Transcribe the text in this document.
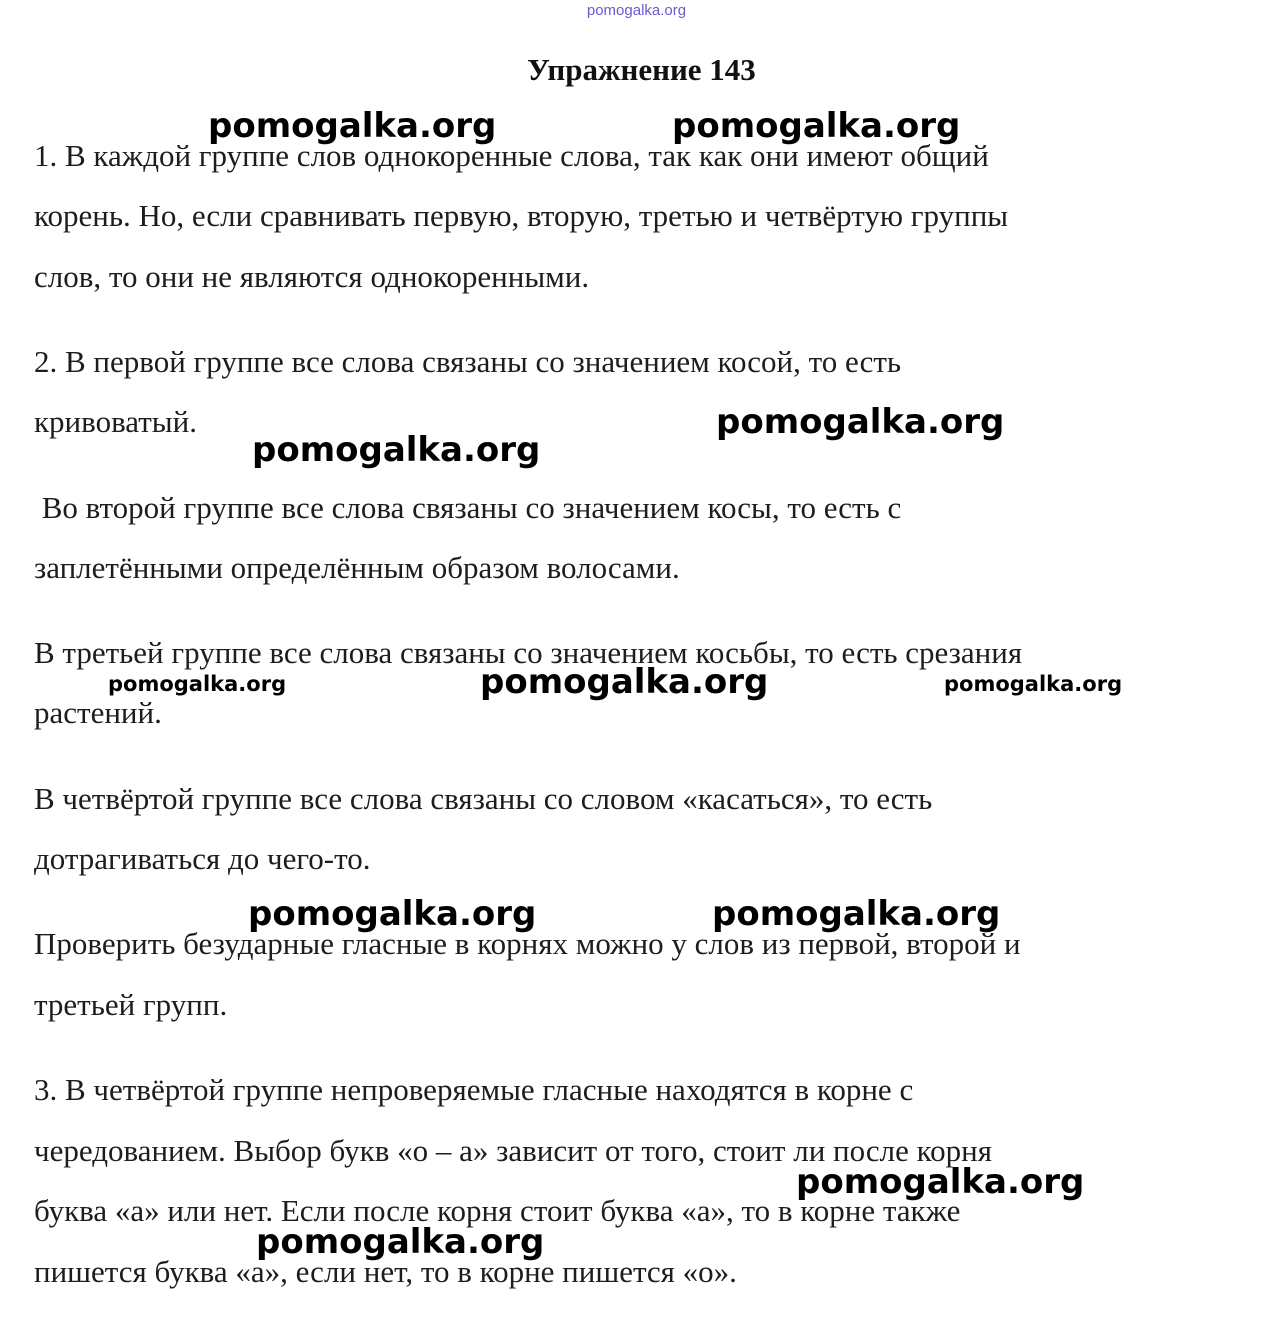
pomogalka.org
Упражнение 143
1. В каждой группе слов однокоренные слова, так как они имеют общий
корень. Но, если сравнивать первую, вторую, третью и четвёртую группы
слов, то они не являются однокоренными.
2. В первой группе все слова связаны со значением косой, то есть
кривоватый.
Во второй группе все слова связаны со значением косы, то есть с
заплетёнными определённым образом волосами.
В третьей группе все слова связаны со значением косьбы, то есть срезания
растений.
В четвёртой группе все слова связаны со словом «касаться», то есть
дотрагиваться до чего-то.
Проверить безударные гласные в корнях можно у слов из первой, второй и
третьей групп.
3. В четвёртой группе непроверяемые гласные находятся в корне с
чередованием. Выбор букв «о – а» зависит от того, стоит ли после корня
буква «а» или нет. Если после корня стоит буква «а», то в корне также
пишется буква «а», если нет, то в корне пишется «о».
pomogalka.org	pomogalka.org
pomogalka.org
pomogalka.org
pomogalka.org	pomogalka.org	pomogalka.org
pomogalka.org	pomogalka.org
pomogalka.org
pomogalka.org
